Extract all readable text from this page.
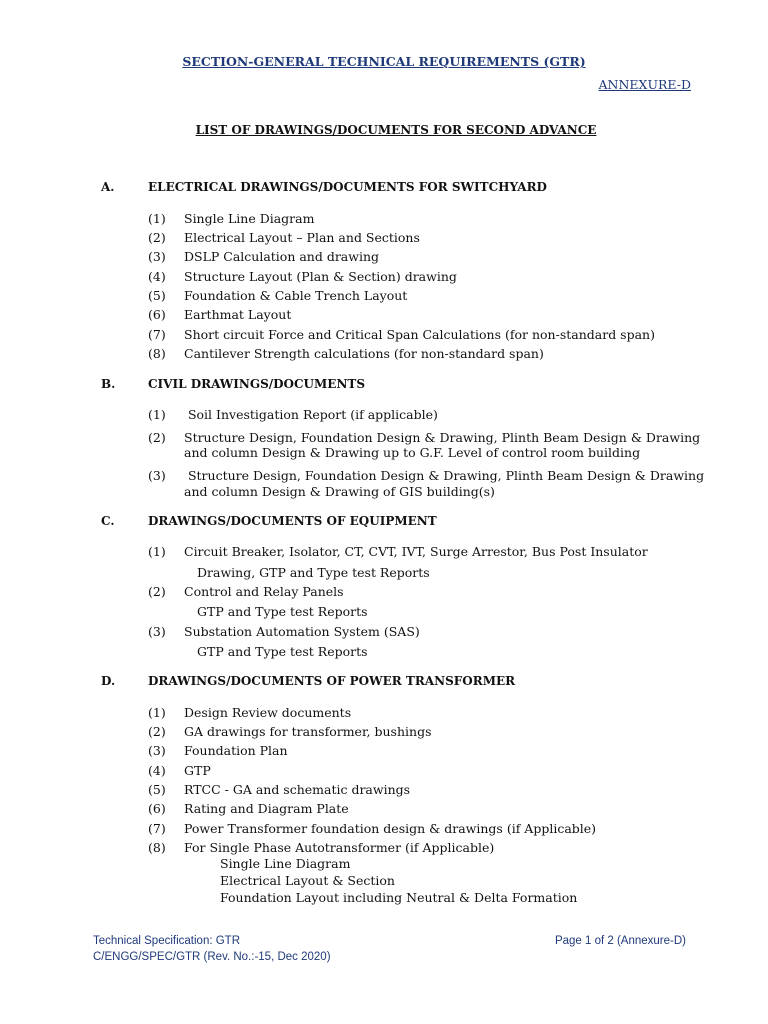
SECTION-GENERAL TECHNICAL REQUIREMENTS (GTR)
ANNEXURE-D
LIST OF DRAWINGS/DOCUMENTS FOR SECOND ADVANCE
A.	ELECTRICAL DRAWINGS/DOCUMENTS FOR SWITCHYARD
(1) Single Line Diagram
(2) Electrical Layout – Plan and Sections
(3) DSLP Calculation and drawing
(4) Structure Layout (Plan & Section) drawing
(5) Foundation & Cable Trench Layout
(6) Earthmat Layout
(7) Short circuit Force and Critical Span Calculations (for non-standard span)
(8) Cantilever Strength calculations (for non-standard span)
B.	CIVIL DRAWINGS/DOCUMENTS
(1) Soil Investigation Report (if applicable)
(2) Structure Design, Foundation Design & Drawing, Plinth Beam Design & Drawing
and column Design & Drawing up to G.F. Level of control room building
(3) Structure Design, Foundation Design & Drawing, Plinth Beam Design & Drawing
and column Design & Drawing of GIS building(s)
C.	DRAWINGS/DOCUMENTS OF EQUIPMENT
(1) Circuit Breaker, Isolator, CT, CVT, IVT, Surge Arrestor, Bus Post Insulator
Drawing, GTP and Type test Reports
(2) Control and Relay Panels
GTP and Type test Reports
(3) Substation Automation System (SAS)
GTP and Type test Reports
D.	DRAWINGS/DOCUMENTS OF POWER TRANSFORMER
(1) Design Review documents
(2) GA drawings for transformer, bushings
(3) Foundation Plan
(4) GTP
(5) RTCC - GA and schematic drawings
(6) Rating and Diagram Plate
(7) Power Transformer foundation design & drawings (if Applicable)
(8) For Single Phase Autotransformer (if Applicable)
Single Line Diagram
Electrical Layout & Section
Foundation Layout including Neutral & Delta Formation
Technical Specification: GTR
C/ENGG/SPEC/GTR (Rev. No.:-15, Dec 2020)
Page 1 of 2 (Annexure-D)
